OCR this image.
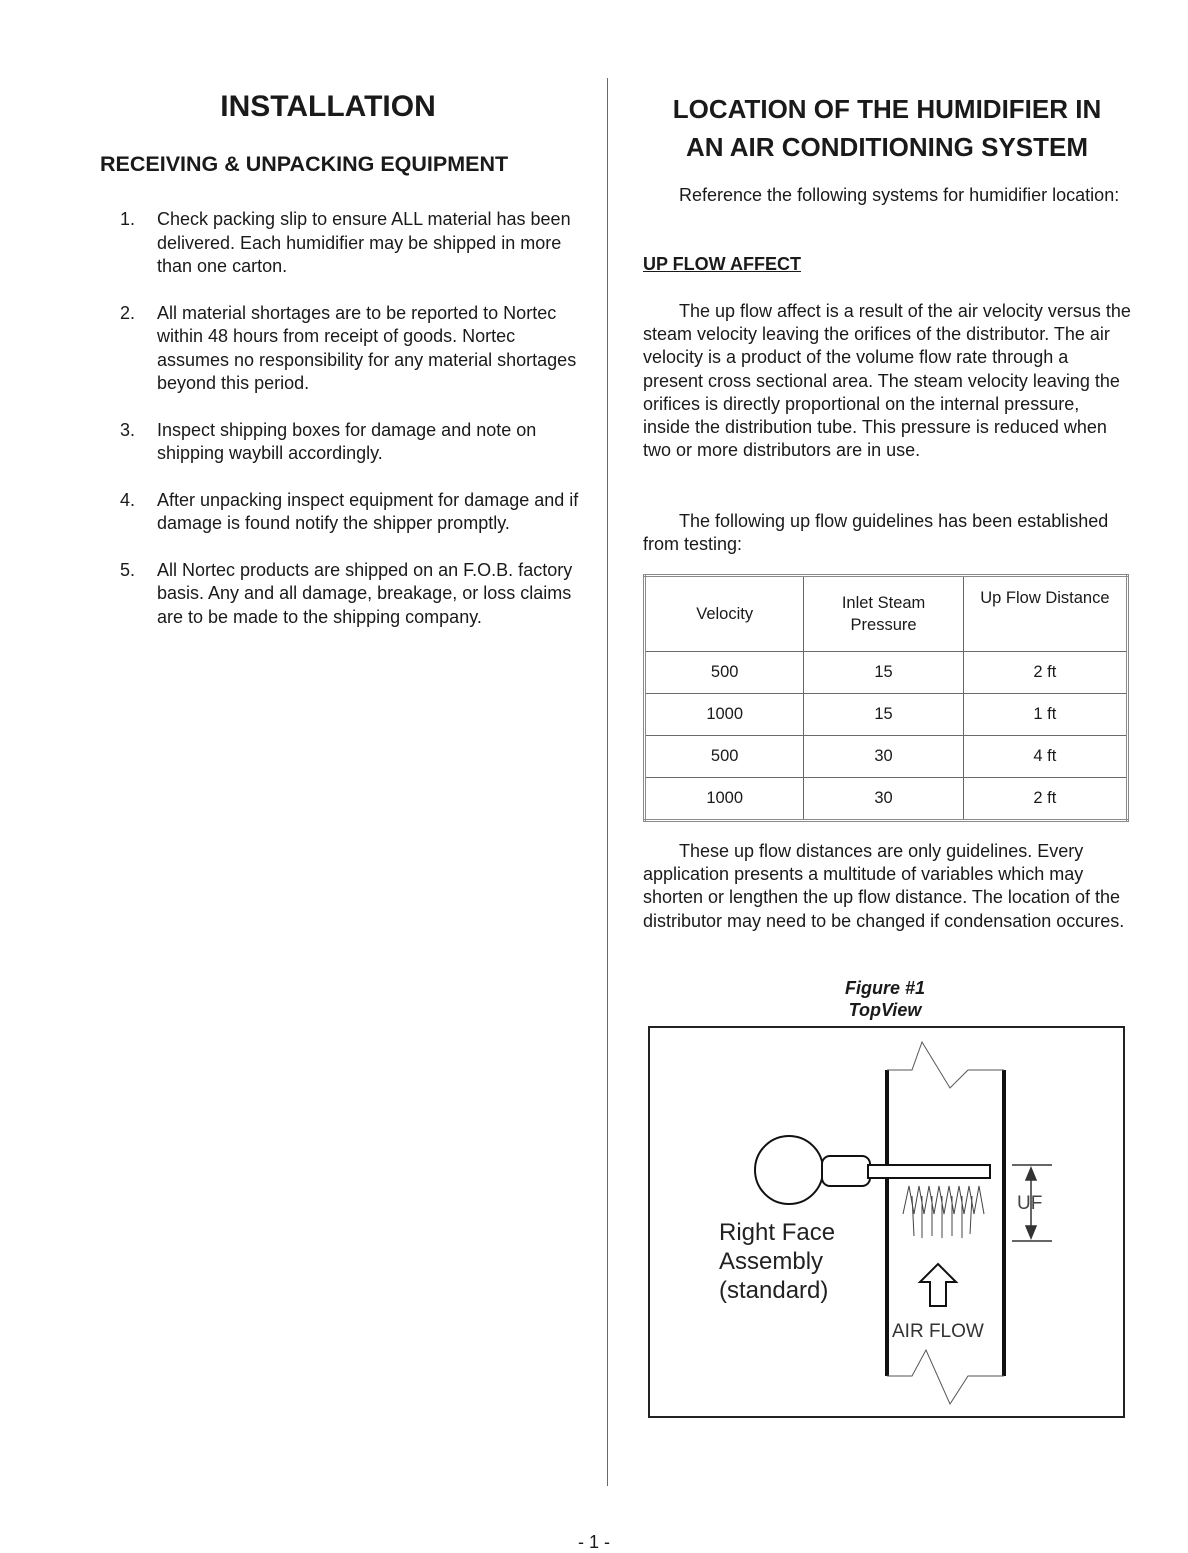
INSTALLATION
RECEIVING & UNPACKING EQUIPMENT
1. Check packing slip to ensure ALL material has been delivered. Each humidifier may be shipped in more than one carton.
2. All material shortages are to be reported to Nortec within 48 hours from receipt of goods. Nortec assumes no responsibility for any material shortages beyond this period.
3. Inspect shipping boxes for damage and note on shipping waybill accordingly.
4. After unpacking inspect equipment for damage and if damage is found notify the shipper promptly.
5. All Nortec products are shipped on an F.O.B. factory basis. Any and all damage, breakage, or loss claims are to be made to the shipping company.
LOCATION OF THE HUMIDIFIER IN
AN AIR CONDITIONING SYSTEM

Reference the following systems for humidifier location:

UP FLOW AFFECT

The up flow affect is a result of the air velocity versus the steam velocity leaving the orifices of the distributor. The air velocity is a product of the volume flow rate through a present cross sectional area. The steam velocity leaving the orifices is directly proportional on the internal pressure, inside the distribution tube. This pressure is reduced when two or more distributors are in use.

The following up flow guidelines has been established from testing:

Velocity	Inlet Steam Pressure	Up Flow Distance
500	15	2 ft
1000	15	1 ft
500	30	4 ft
1000	30	2 ft

These up flow distances are only guidelines. Every application presents a multitude of variables which may shorten or lengthen the up flow distance. The location of the distributor may need to be changed if condensation occures.

Figure #1
TopView

Right Face
Assembly
(standard)

UF

AIR FLOW

- 1 -
